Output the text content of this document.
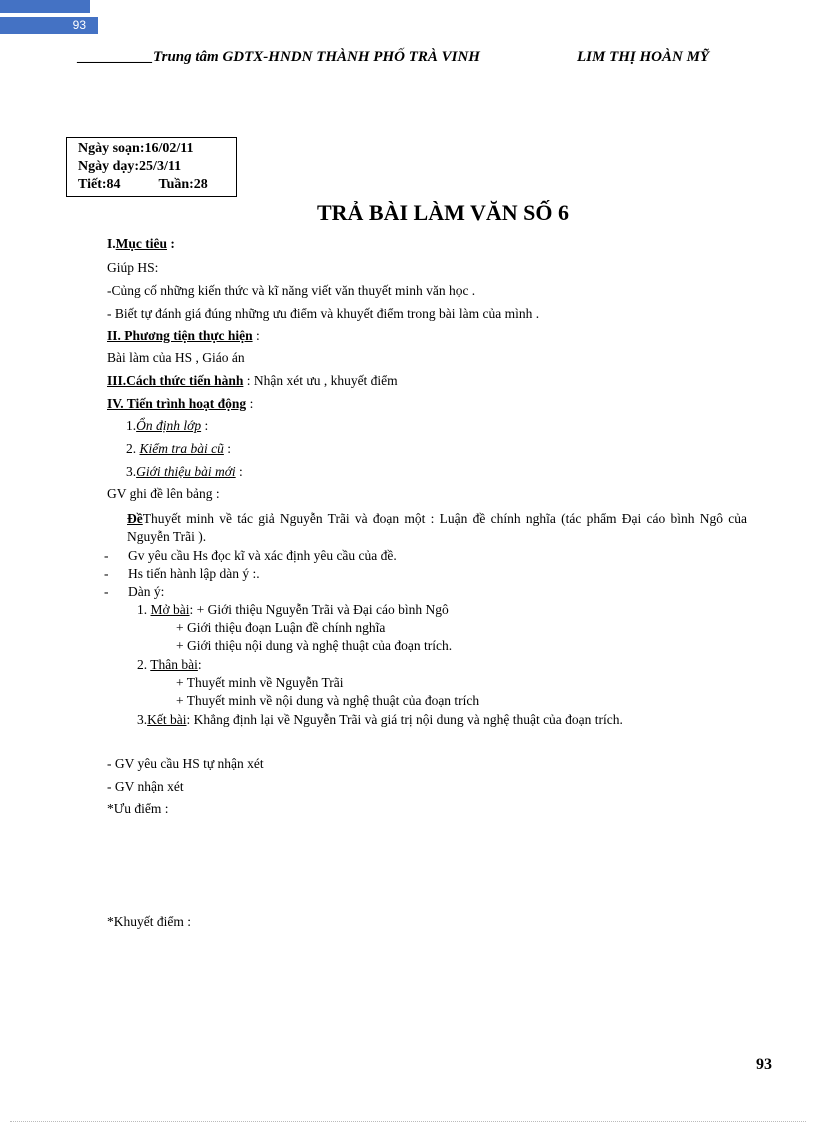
93
__________Trung tâm GDTX-HNDN THÀNH PHỐ TRÀ VINH	LIM THỊ HOÀN MỸ
Ngày soạn:16/02/11
Ngày dạy:25/3/11
Tiết:84	Tuần:28
TRẢ BÀI LÀM VĂN SỐ 6
I.Mục tiêu :
Giúp HS:
-Củng cố những kiến thức và kĩ năng viết văn thuyết minh văn học .
- Biết tự đánh giá đúng những ưu điểm và khuyết điểm trong bài làm của mình .
II. Phương tiện thực hiện :
Bài làm của HS , Giáo án
III.Cách thức tiến hành : Nhận xét ưu , khuyết điểm
IV. Tiến trình hoạt động :
1.Ổn định lớp :
2. Kiểm tra bài cũ :
3.Giới thiệu bài mới :
GV ghi đề lên bảng :
ĐềThuyết minh về tác giả Nguyễn Trãi và đoạn một : Luận đề chính nghĩa (tác phẩm Đại cáo bình Ngô của Nguyễn Trãi ).
- Gv yêu cầu Hs đọc kĩ và xác định yêu cầu của đề.
- Hs tiến hành lập dàn ý :.
- Dàn ý:
1. Mở bài: + Giới thiệu Nguyễn Trãi và Đại cáo bình Ngô
+ Giới thiệu đoạn Luận đề chính nghĩa
+ Giới thiệu nội dung và nghệ thuật của đoạn trích.
2. Thân bài:
+ Thuyết minh về Nguyễn Trãi
+ Thuyết minh về nội dung và nghệ thuật của đoạn trích
3.Kết bài: Khẳng định lại về Nguyễn Trãi và giá trị nội dung và nghệ thuật của đoạn trích.
- GV yêu cầu HS tự nhận xét
- GV nhận xét
*Ưu điểm :
*Khuyết điểm :
93
